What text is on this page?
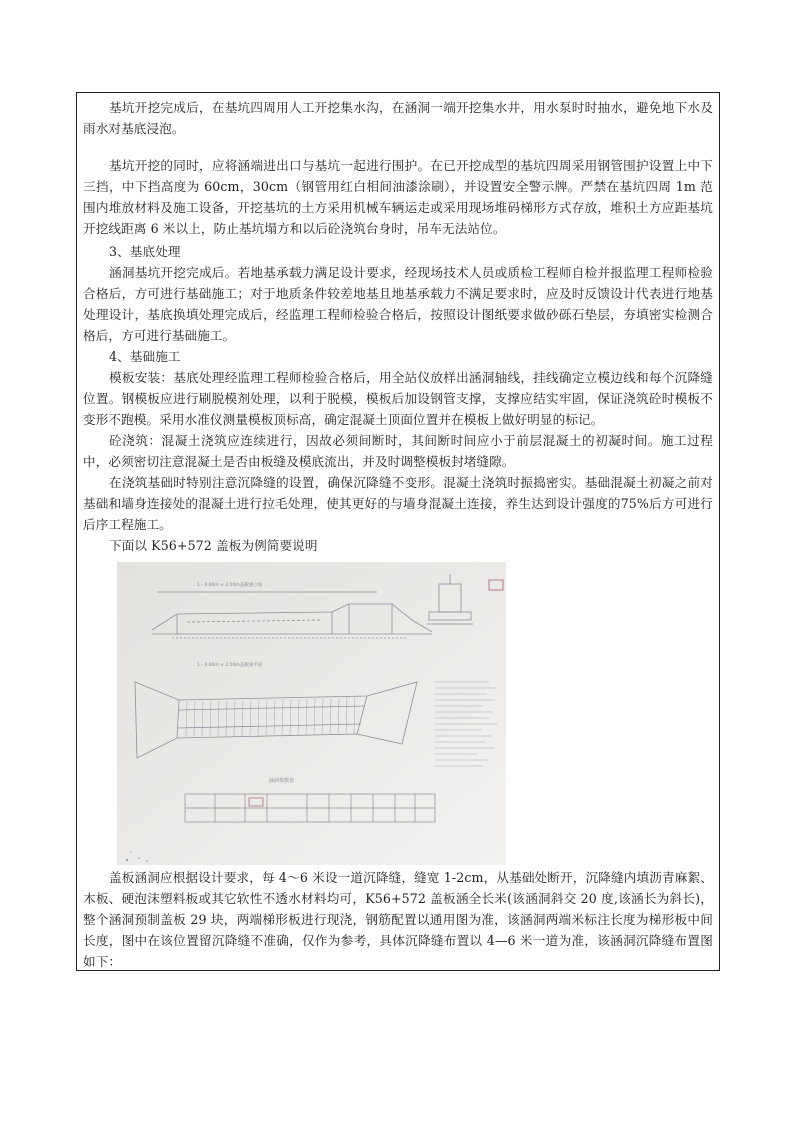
基坑开挖完成后，在基坑四周用人工开挖集水沟，在涵洞一端开挖集水井，用水泵时时抽水，避免地下水及雨水对基底浸泡。

基坑开挖的同时，应将涵端进出口与基坑一起进行围护。在已开挖成型的基坑四周采用钢管围护设置上中下三挡，中下挡高度为 60cm，30cm（钢管用红白相间油漆涂刷），并设置安全警示牌。严禁在基坑四周 1m 范围内堆放材料及施工设备，开挖基坑的土方采用机械车辆运走或采用现场堆码梯形方式存放，堆积土方应距基坑开挖线距离 6 米以上，防止基坑塌方和以后砼浇筑台身时，吊车无法站位。

3、基底处理

涵洞基坑开挖完成后。若地基承载力满足设计要求，经现场技术人员或质检工程师自检并报监理工程师检验合格后，方可进行基础施工；对于地质条件较差地基且地基承载力不满足要求时，应及时反馈设计代表进行地基处理设计，基底换填处理完成后，经监理工程师检验合格后，按照设计图纸要求做砂砾石垫层，夯填密实检测合格后，方可进行基础施工。

4、基础施工

模板安装：基底处理经监理工程师检验合格后，用全站仪放样出涵洞轴线，挂线确定立模边线和每个沉降缝位置。钢模板应进行刷脱模剂处理，以利于脱模，模板后加设钢管支撑，支撑应结实牢固，保证浇筑砼时模板不变形不跑模。采用水准仪测量模板顶标高，确定混凝土顶面位置并在模板上做好明显的标记。

砼浇筑：混凝土浇筑应连续进行，因故必须间断时，其间断时间应小于前层混凝土的初凝时间。施工过程中，必须密切注意混凝土是否由板缝及模底流出，并及时调整模板封堵缝隙。

在浇筑基础时特别注意沉降缝的设置，确保沉降缝不变形。混凝土浇筑时振捣密实。基础混凝土初凝之前对基础和墙身连接处的混凝土进行拉毛处理，使其更好的与墙身混凝土连接，养生达到设计强度的75%后方可进行后序工程施工。

下面以 K56+572 盖板为例简要说明

1 - 4.00m × 2.50m盖板涵立面
1 - 4.00m × 2.50m盖板涵平面
涵洞参数表

盖板涵洞应根据设计要求，每 4～6 米设一道沉降缝，缝宽 1-2cm，从基础处断开，沉降缝内填沥青麻絮、木板、硬泡沫塑料板或其它软性不透水材料均可，K56+572 盖板涵全长米(该涵洞斜交 20 度,该涵长为斜长)，整个涵洞预制盖板 29 块，两端梯形板进行现浇，钢筋配置以通用图为准，该涵洞两端米标注长度为梯形板中间长度，图中在该位置留沉降缝不准确，仅作为参考，具体沉降缝布置以 4—6 米一道为准，该涵洞沉降缝布置图如下：
